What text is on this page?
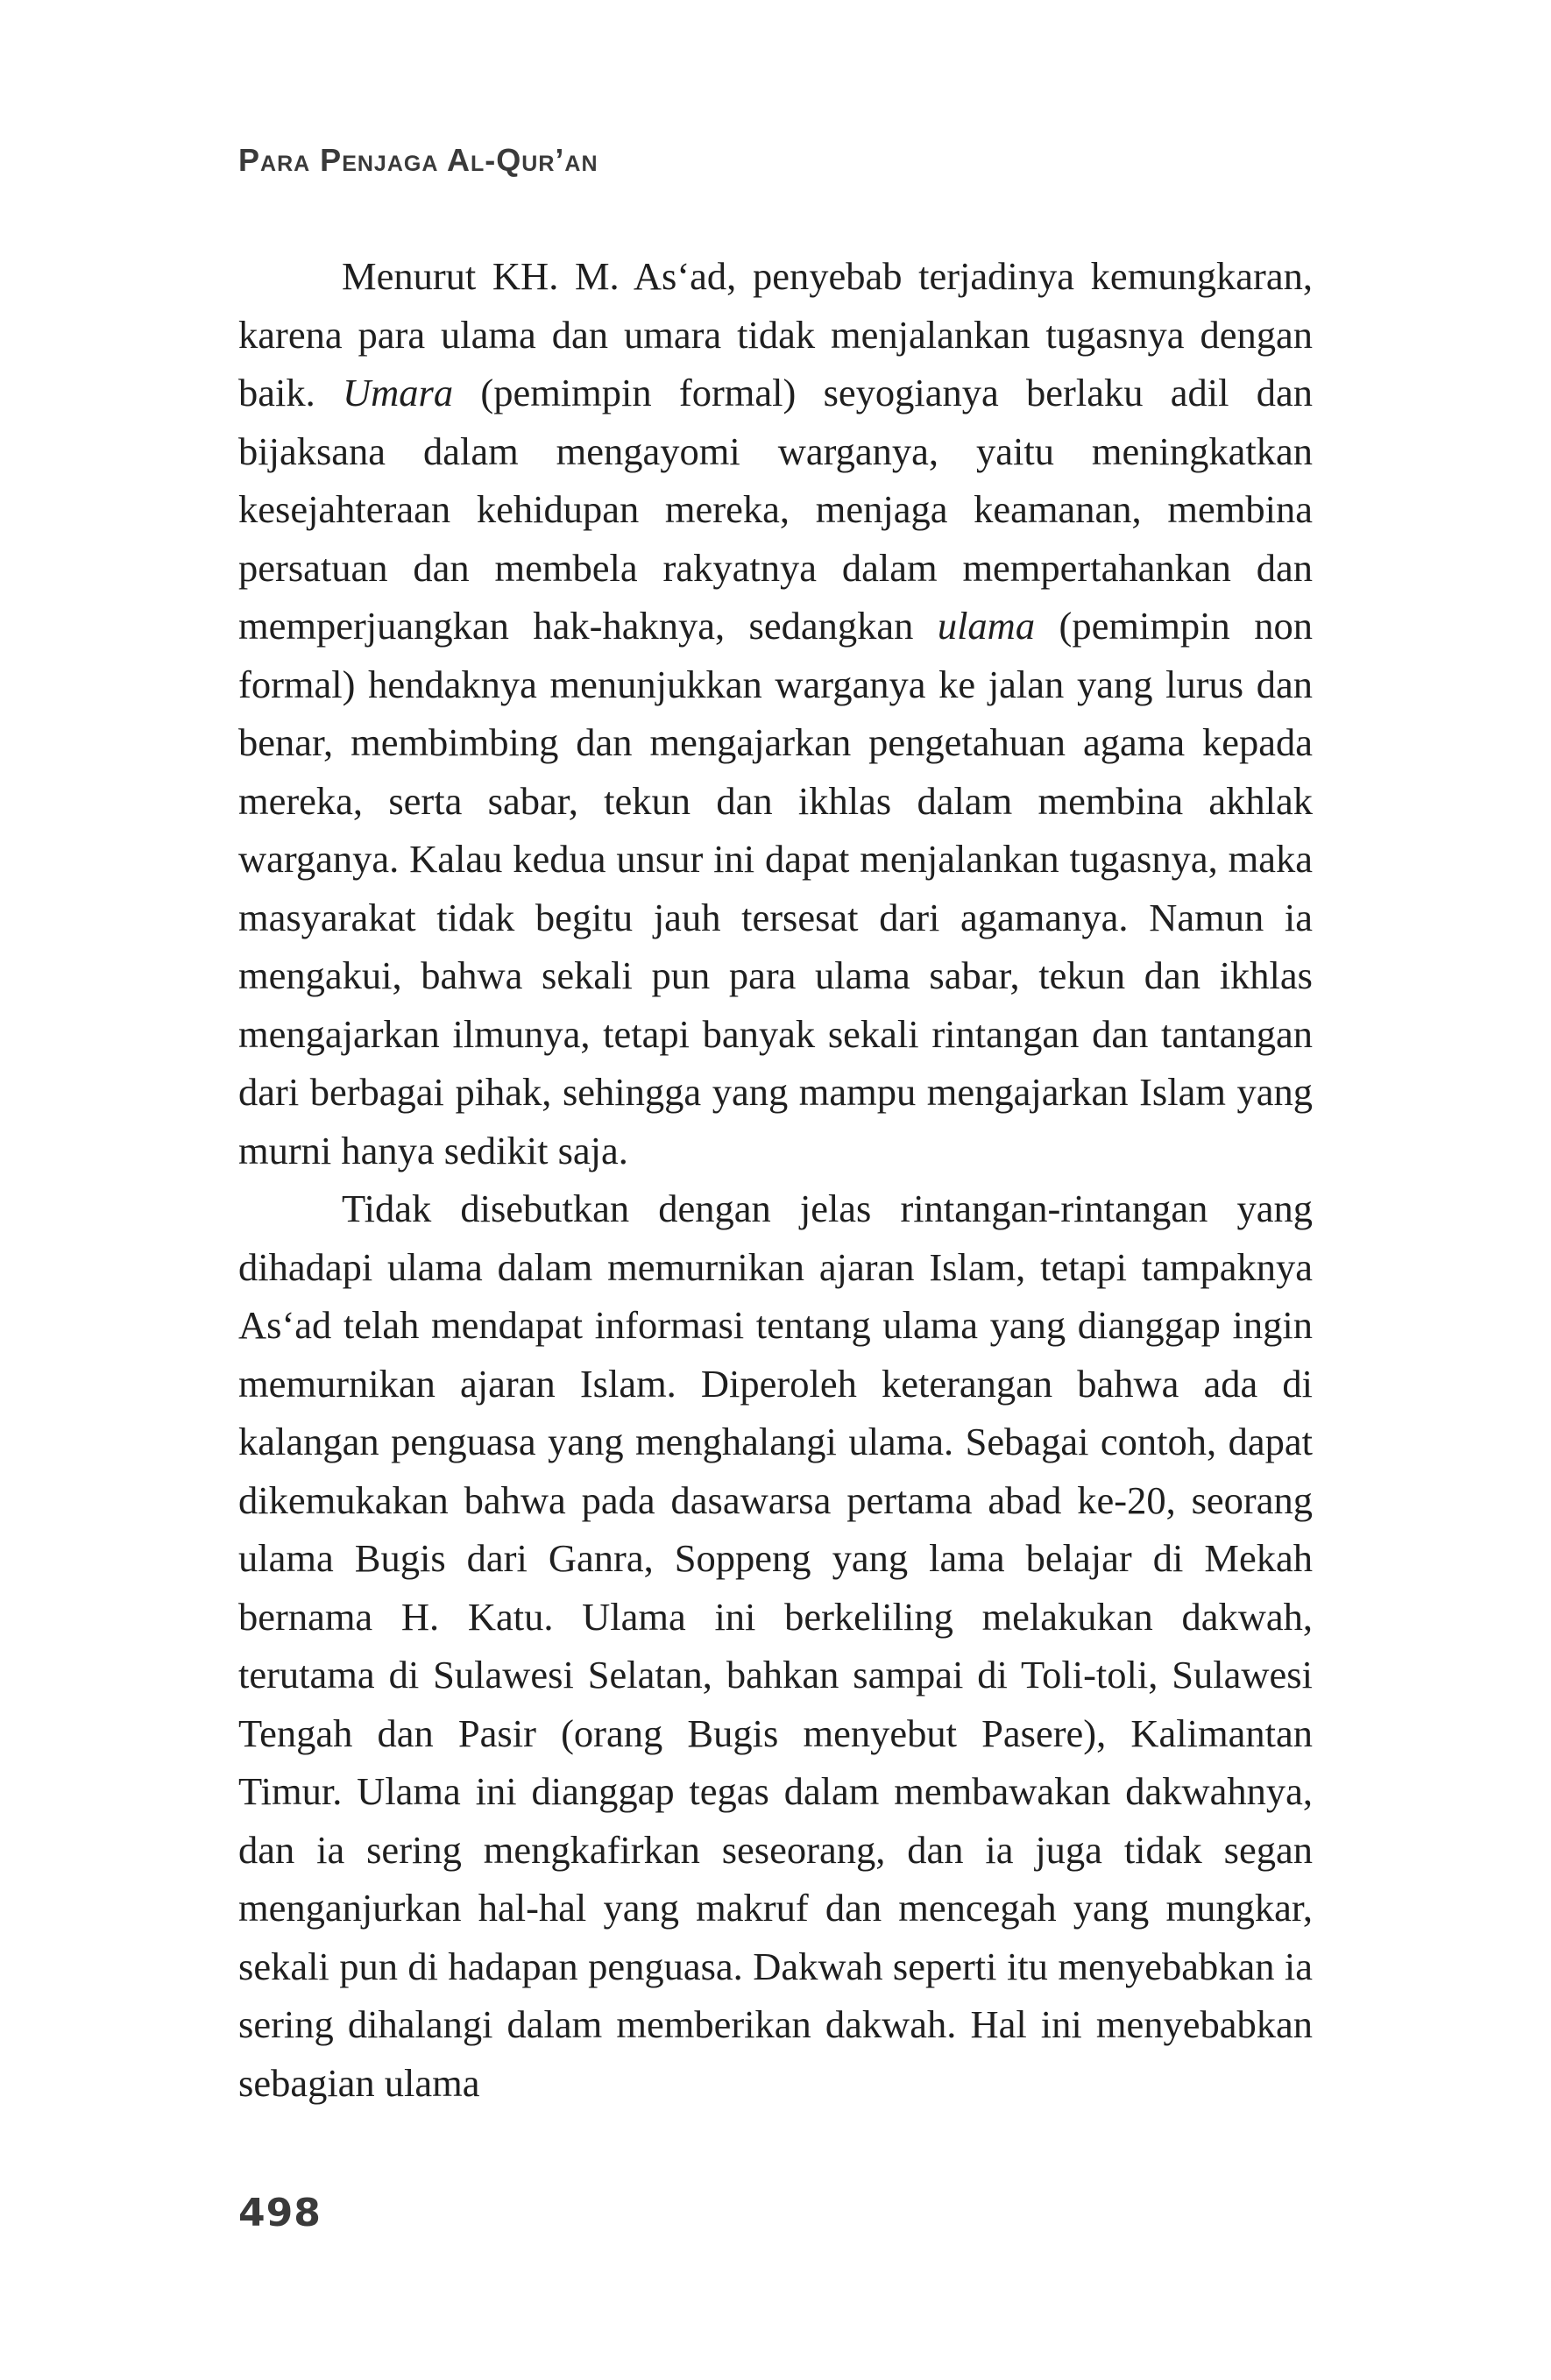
Para Penjaga Al-Qur’an

Menurut KH. M. As‘ad, penyebab terjadinya kemungkaran, karena para ulama dan umara tidak menjalankan tugasnya dengan baik. Umara (pemimpin formal) seyogianya berlaku adil dan bijaksana dalam mengayomi warganya, yaitu meningkatkan kesejahteraan kehidupan mereka, menjaga keamanan, membina persatuan dan membela rakyatnya dalam mempertahankan dan memperjuangkan hak-haknya, sedangkan ulama (pemimpin non formal) hendaknya menunjukkan warganya ke jalan yang lurus dan benar, membimbing dan mengajarkan pengetahuan agama kepada mereka, serta sabar, tekun dan ikhlas dalam membina akhlak warganya. Kalau kedua unsur ini dapat menjalankan tugasnya, maka masyarakat tidak begitu jauh tersesat dari agamanya. Namun ia mengakui, bahwa sekali pun para ulama sabar, tekun dan ikhlas mengajarkan ilmunya, tetapi banyak sekali rintangan dan tantangan dari berbagai pihak, sehingga yang mampu mengajarkan Islam yang murni hanya sedikit saja.

Tidak disebutkan dengan jelas rintangan-rintangan yang dihadapi ulama dalam memurnikan ajaran Islam, tetapi tampaknya As‘ad telah mendapat informasi tentang ulama yang dianggap ingin memurnikan ajaran Islam. Diperoleh keterangan bahwa ada di kalangan penguasa yang menghalangi ulama. Sebagai contoh, dapat dikemukakan bahwa pada dasawarsa pertama abad ke-20, seorang ulama Bugis dari Ganra, Soppeng yang lama belajar di Mekah bernama H. Katu. Ulama ini berkeliling melakukan dakwah, terutama di Sulawesi Selatan, bahkan sampai di Toli-toli, Sulawesi Tengah dan Pasir (orang Bugis menyebut Pasere), Kalimantan Timur. Ulama ini dianggap tegas dalam membawakan dakwahnya, dan ia sering mengkafirkan seseorang, dan ia juga tidak segan menganjurkan hal-hal yang makruf dan mencegah yang mungkar, sekali pun di hadapan penguasa. Dakwah seperti itu menyebabkan ia sering dihalangi dalam memberikan dakwah. Hal ini menyebabkan sebagian ulama

498
